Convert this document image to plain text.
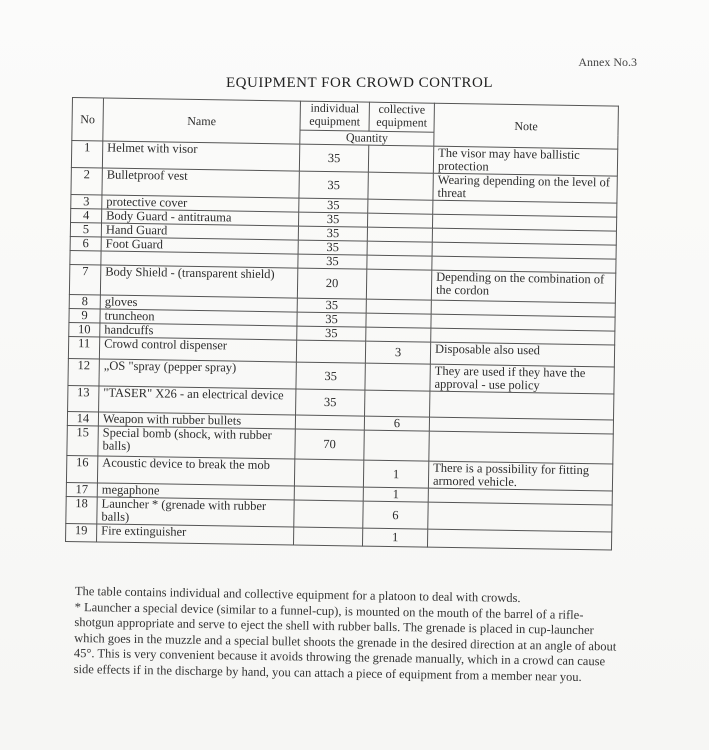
Annex No.3
EQUIPMENT FOR CROWD CONTROL
No	Name	individual equipment	collective equipment	Note
		Quantity		
1	Helmet with visor	35		The visor may have ballistic protection
2	Bulletproof vest	35		Wearing depending on the level of threat
3	protective cover	35		
4	Body Guard - antitrauma	35		
5	Hand Guard	35		
6	Foot Guard	35		
		35		
7	Body Shield - (transparent shield)	20		Depending on the combination of the cordon
8	gloves	35		
9	truncheon	35		
10	handcuffs	35		
11	Crowd control dispenser		3	Disposable also used
12	„OS "spray (pepper spray)	35		They are used if they have the approval - use policy
13	"TASER" X26 - an electrical device	35		
14	Weapon with rubber bullets		6	
15	Special bomb (shock, with rubber balls)	70		
16	Acoustic device to break the mob		1	There is a possibility for fitting armored vehicle.
17	megaphone		1	
18	Launcher * (grenade with rubber balls)		6	
19	Fire extinguisher		1	

The table contains individual and collective equipment for a platoon to deal with crowds.

* Launcher a special device (similar to a funnel-cup), is mounted on the mouth of the barrel of a rifle-shotgun appropriate and serve to eject the shell with rubber balls. The grenade is placed in cup-launcher which goes in the muzzle and a special bullet shoots the grenade in the desired direction at an angle of about 45°. This is very convenient because it avoids throwing the grenade manually, which in a crowd can cause side effects if in the discharge by hand, you can attach a piece of equipment from a member near you.
